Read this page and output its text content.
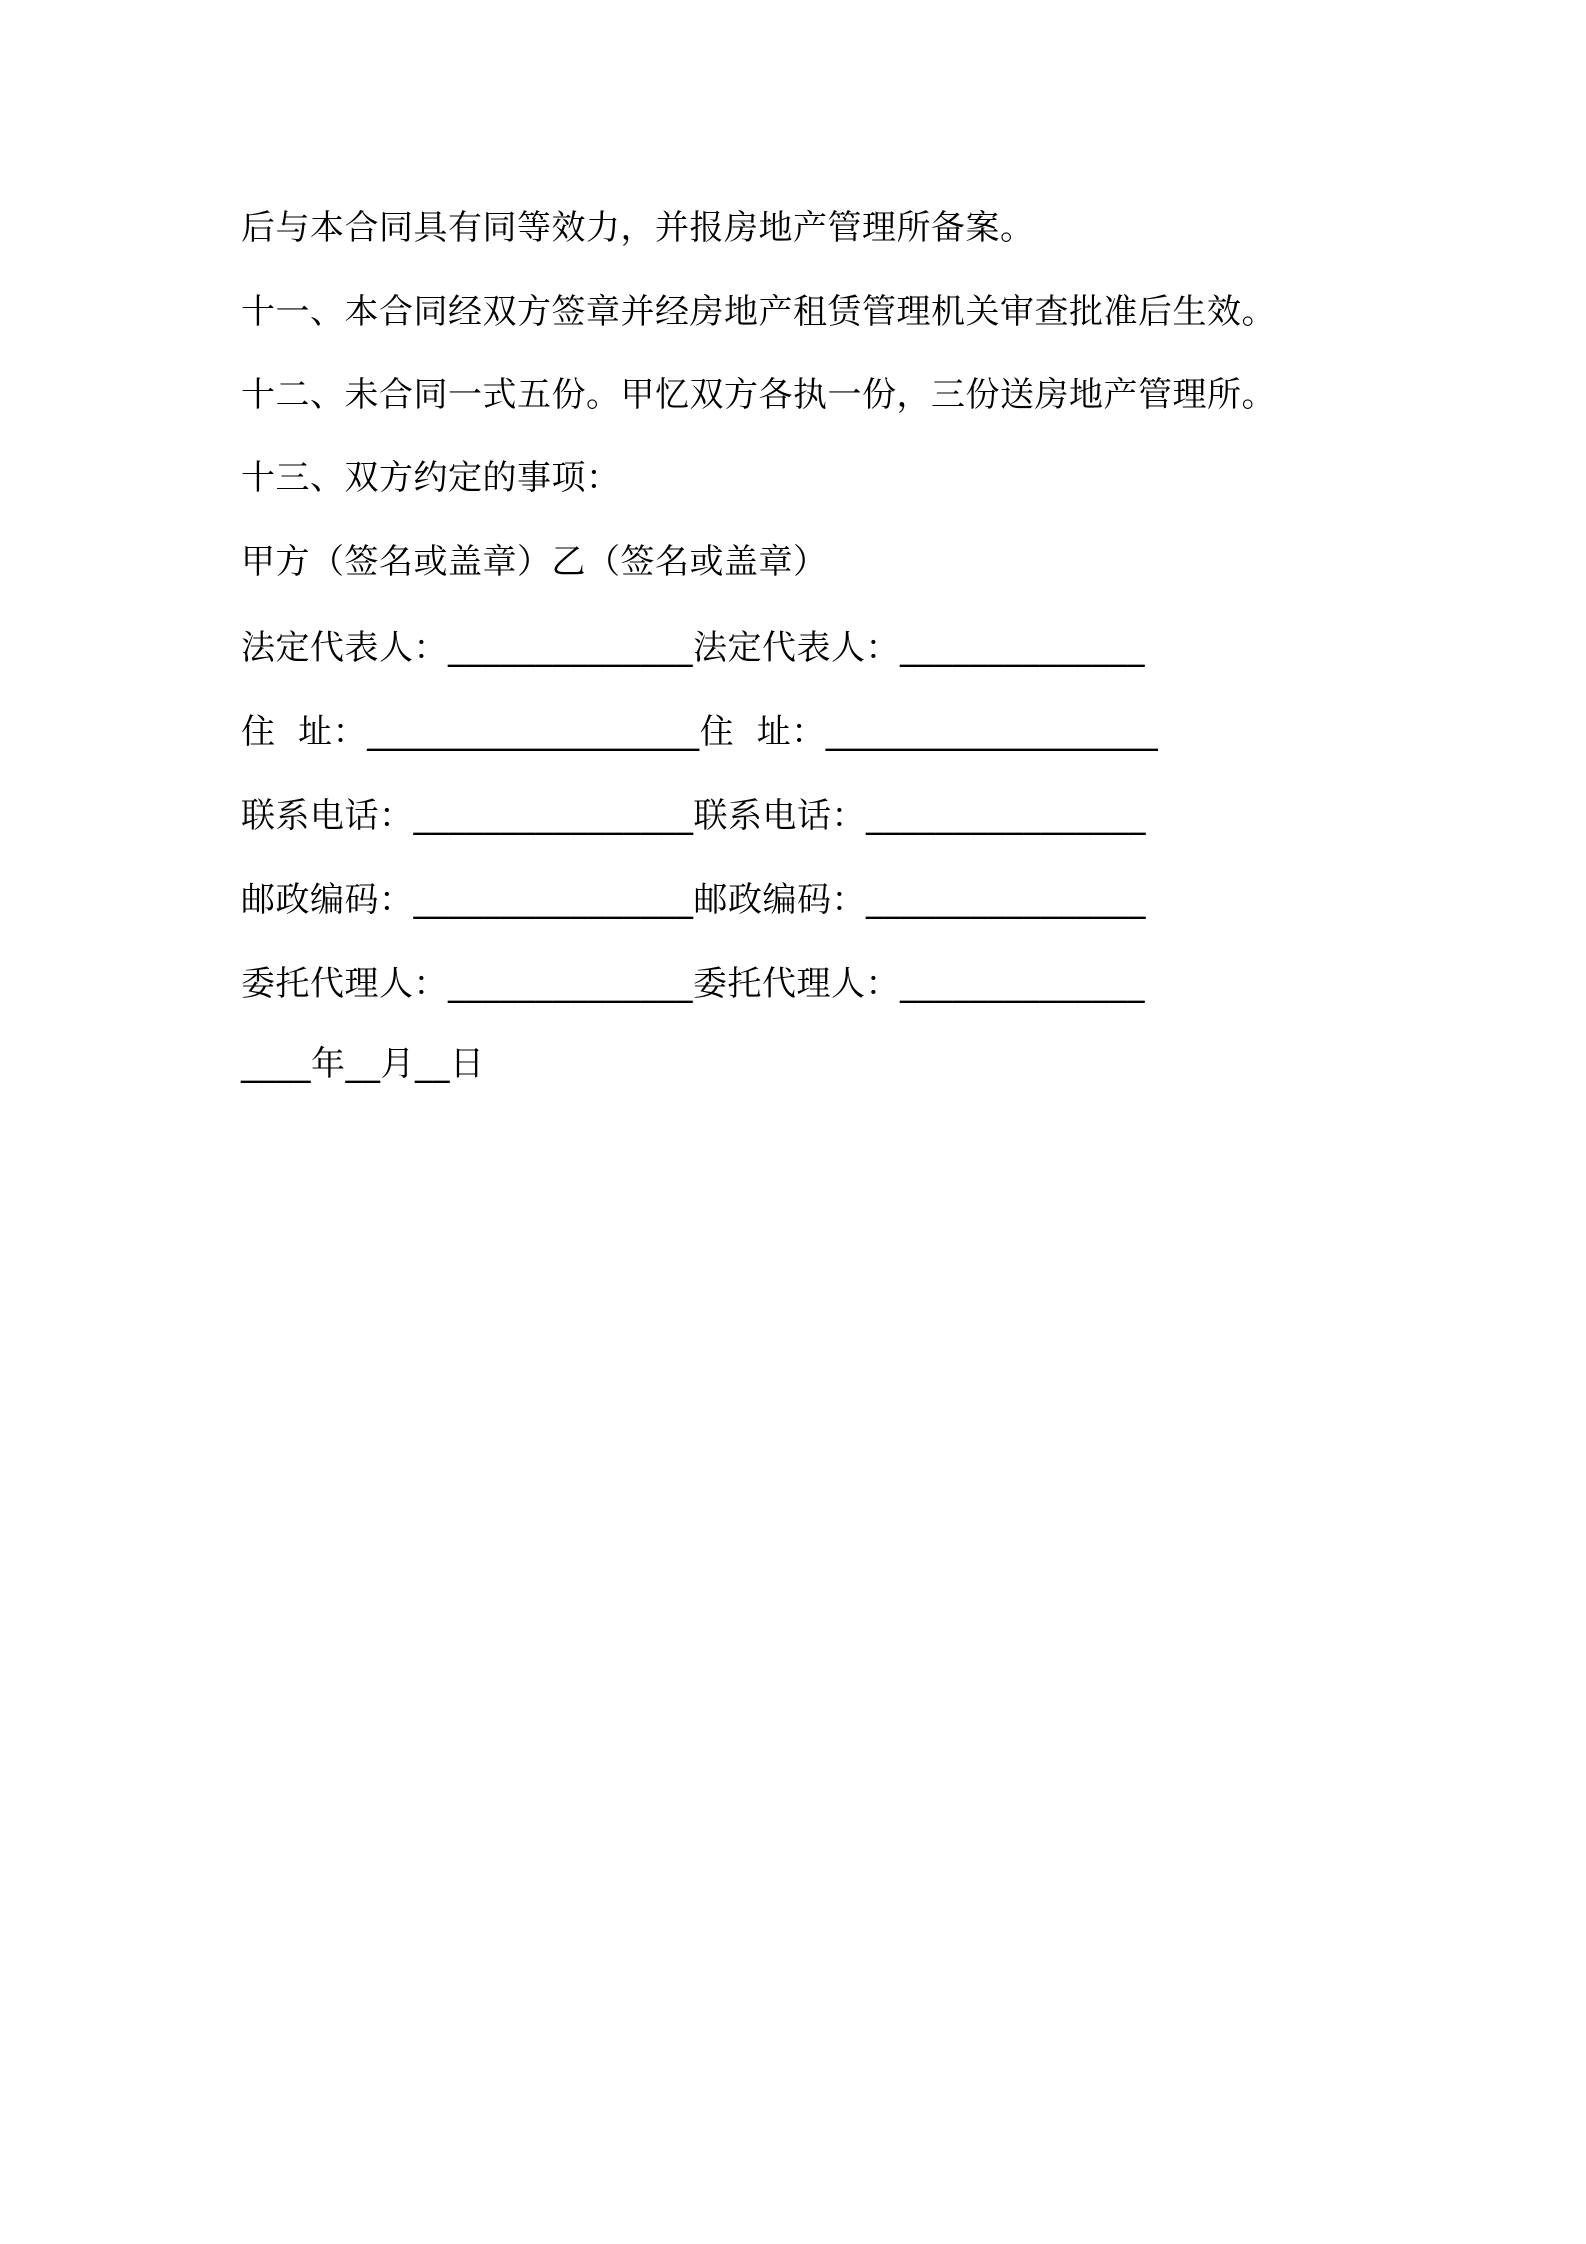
后与本合同具有同等效力，并报房地产管理所备案。
十一、本合同经双方签章并经房地产租赁管理机关审查批准后生效。
十二、未合同一式五份。甲忆双方各执一份，三份送房地产管理所。
十三、双方约定的事项：
甲方（签名或盖章）乙（签名或盖章）
法定代表人：______________法定代表人：______________
住  址：___________________住  址：___________________
联系电话：________________联系电话：________________
邮政编码：________________邮政编码：________________
委托代理人：______________委托代理人：______________
____年__月__日
